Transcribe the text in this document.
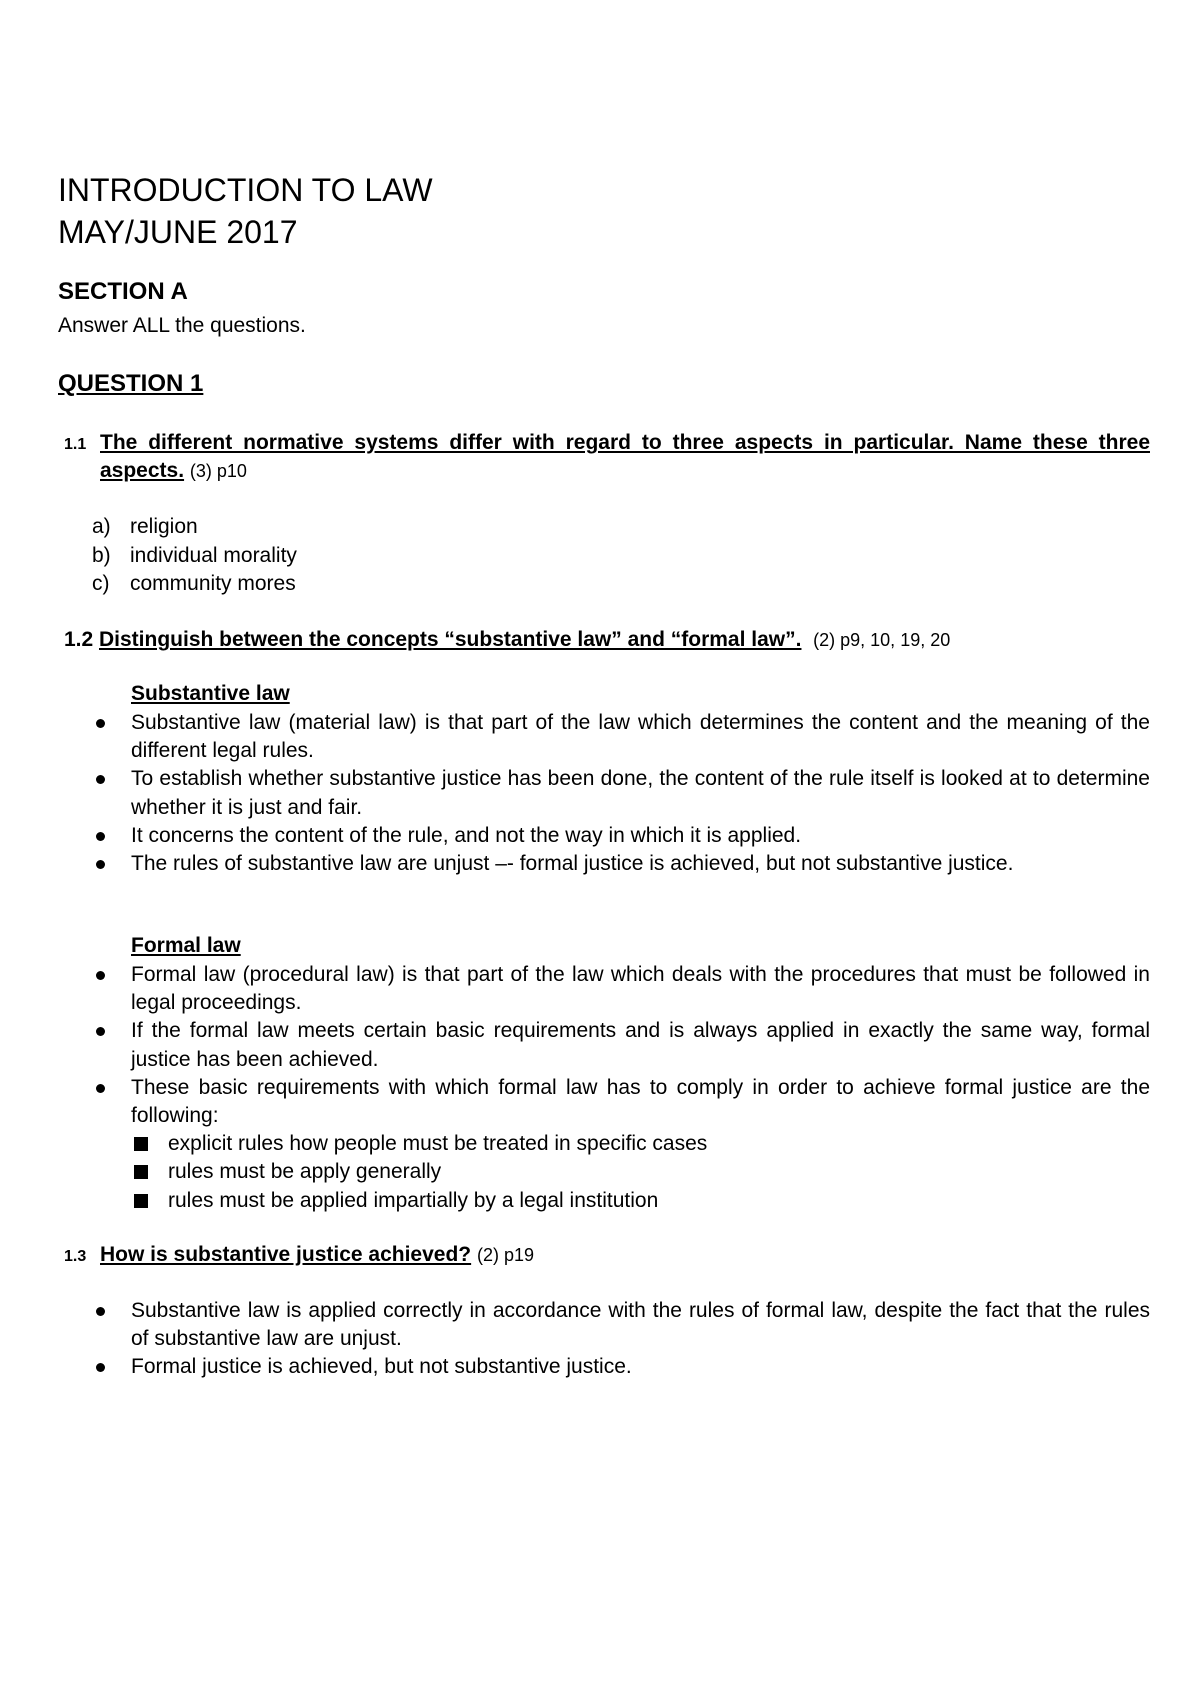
INTRODUCTION TO LAW
MAY/JUNE 2017
SECTION A

Answer ALL the questions.

QUESTION 1
1.1 The different normative systems differ with regard to three aspects in particular. Name these three aspects. (3) p10
a) religion
b) individual morality
c) community mores
1.2 Distinguish between the concepts “substantive law” and “formal law”. (2) p9, 10, 19, 20
Substantive law
Substantive law (material law) is that part of the law which determines the content and the meaning of the different legal rules.
To establish whether substantive justice has been done, the content of the rule itself is looked at to determine whether it is just and fair.
It concerns the content of the rule, and not the way in which it is applied.
The rules of substantive law are unjust –- formal justice is achieved, but not substantive justice.
Formal law
Formal law (procedural law) is that part of the law which deals with the procedures that must be followed in legal proceedings.
If the formal law meets certain basic requirements and is always applied in exactly the same way, formal justice has been achieved.
These basic requirements with which formal law has to comply in order to achieve formal justice are the following:
explicit rules how people must be treated in specific cases
rules must be apply generally
rules must be applied impartially by a legal institution
1.3 How is substantive justice achieved? (2) p19
Substantive law is applied correctly in accordance with the rules of formal law, despite the fact that the rules of substantive law are unjust.
Formal justice is achieved, but not substantive justice.
